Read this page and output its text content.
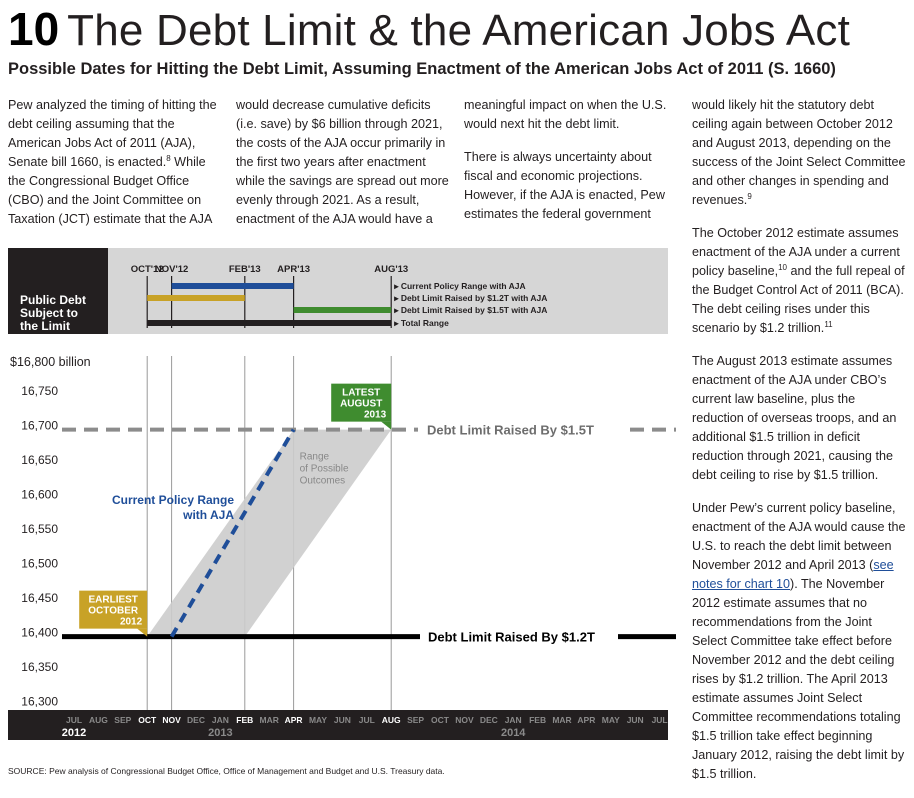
10 The Debt Limit & the American Jobs Act
Possible Dates for Hitting the Debt Limit, Assuming Enactment of the American Jobs Act of 2011 (S. 1660)

Pew analyzed the timing of hitting the debt ceiling assuming that the American Jobs Act of 2011 (AJA), Senate bill 1660, is enacted.$^8$ While the Congressional Budget Office (CBO) and the Joint Committee on Taxation (JCT) estimate that the AJA

would decrease cumulative deficits (i.e. save) by $6 billion through 2021, the costs of the AJA occur primarily in the first two years after enactment while the savings are spread out more evenly through 2021. As a result, enactment of the AJA would have a

meaningful impact on when the U.S. would next hit the debt limit.

There is always uncertainty about fiscal and economic projections. However, if the AJA is enacted, Pew estimates the federal government

would likely hit the statutory debt ceiling again between October 2012 and August 2013, depending on the success of the Joint Select Committee and other changes in spending and revenues.$^9$

The October 2012 estimate assumes enactment of the AJA under a current policy baseline,$^{10}$ and the full repeal of the Budget Control Act of 2011 (BCA). The debt ceiling rises under this scenario by $1.2 trillion.$^{11}$

The August 2013 estimate assumes enactment of the AJA under CBO’s current law baseline, plus the reduction of overseas troops, and an additional $1.5 trillion in deficit reduction through 2021, causing the debt ceiling to rise by $1.5 trillion.

Under Pew’s current policy baseline, enactment of the AJA would cause the U.S. to reach the debt limit between November 2012 and April 2013 (see notes for chart 10). The November 2012 estimate assumes that no recommendations from the Joint Select Committee take effect before November 2012 and the debt ceiling rises by $1.2 trillion. The April 2013 estimate assumes Joint Select Committee recommendations totaling $1.5 trillion take effect beginning January 2012, raising the debt limit by $1.5 trillion.

Public Debt
Subject to
the Limit
OCT'12
NOV'12	FEB'13 APR'13	AUG'13
▸ Current Policy Range with AJA
▸ Debt Limit Raised by $1.2T with AJA
▸ Debt Limit Raised by $1.5T with AJA
▸ Total Range
$16,800 billion
16,750
16,700
16,650
16,600
16,550
16,500
16,450
16,400
16,350
16,300
Range
of Possible
Outcomes
Debt Limit Raised By $1.5T
Debt Limit Raised By $1.2T
Current Policy Range
with AJA
EARLIEST
OCTOBER
2012
LATEST
AUGUST
2013
JUL AUG SEP OCT NOV DEC JAN FEB MAR APR MAY JUN JUL AUG SEP OCT NOV DEC JAN FEB MAR APR MAY JUN JUL
2012	2013	2014
SOURCE: Pew analysis of Congressional Budget Office, Office of Management and Budget and U.S. Treasury data.
